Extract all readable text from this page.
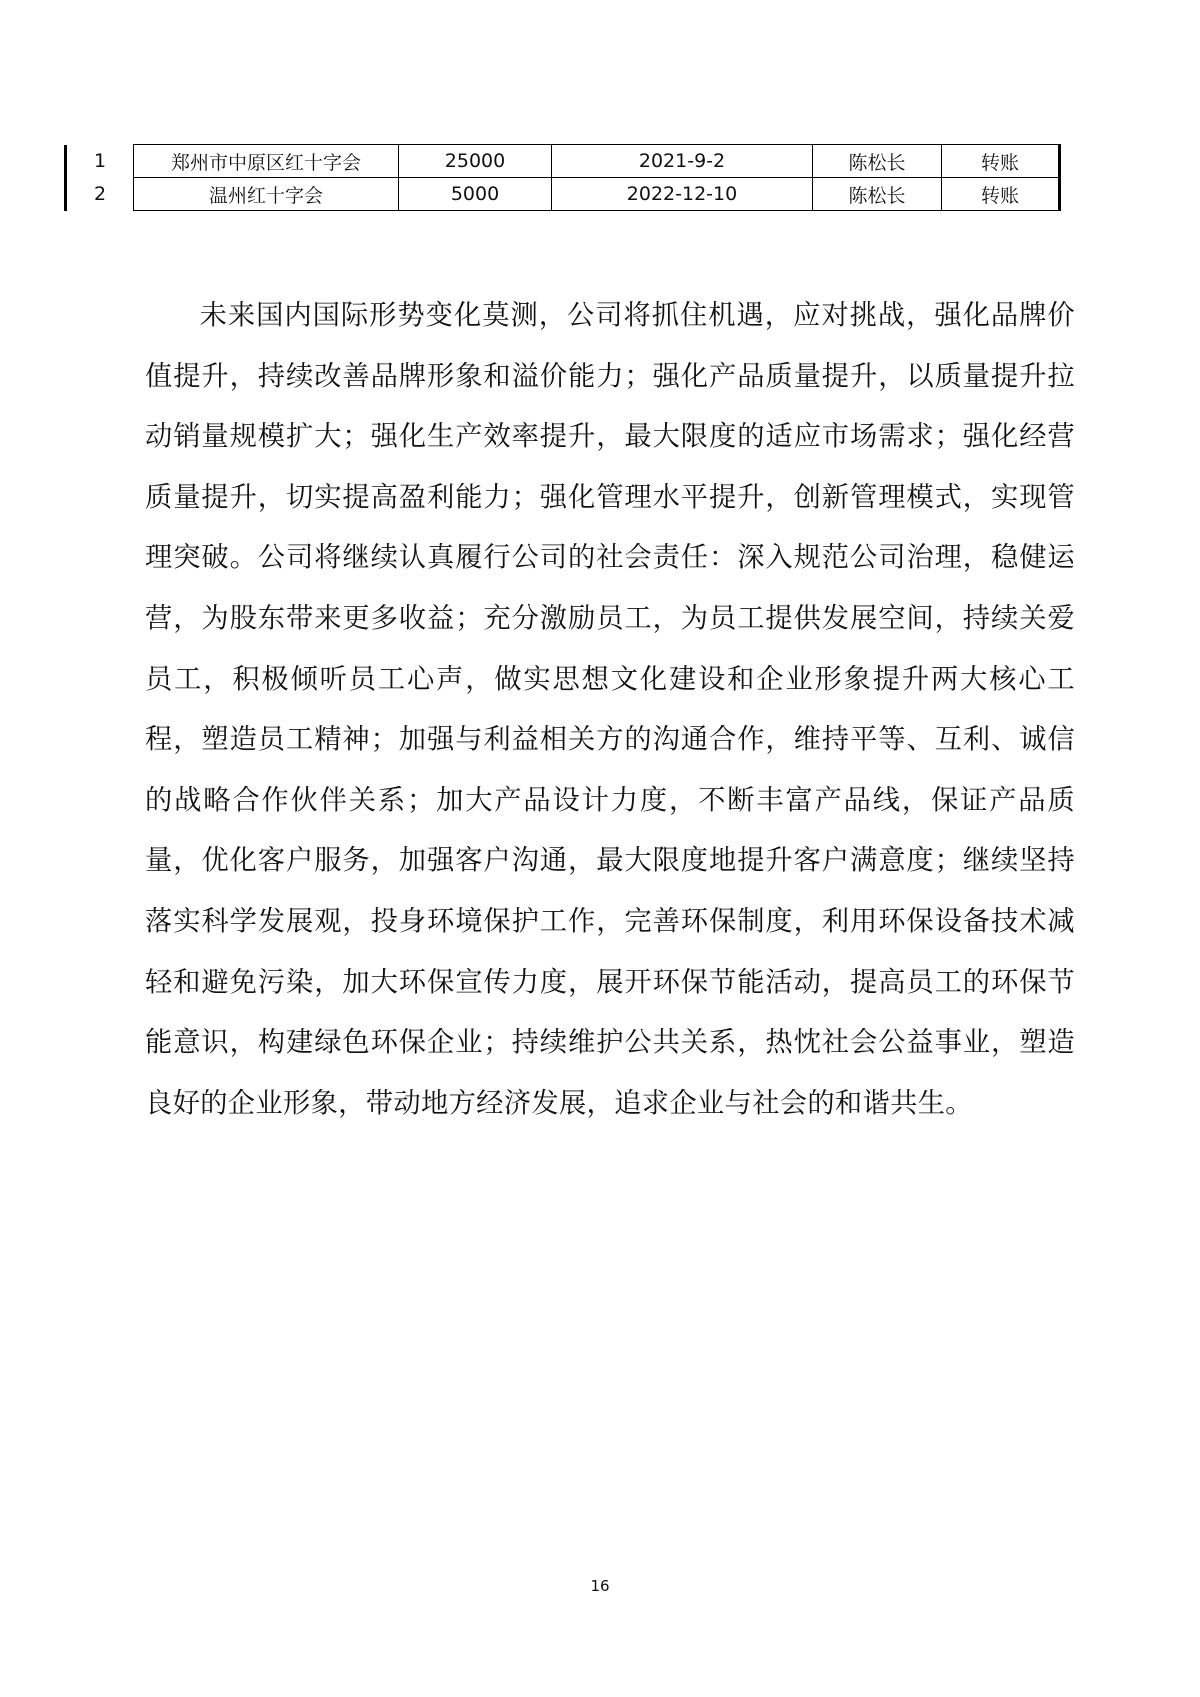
1	郑州市中原区红十字会	25000	2021-9-2	陈松长	转账
2	温州红十字会	5000	2022-12-10	陈松长	转账

未来国内国际形势变化莫测，公司将抓住机遇，应对挑战，强化品牌价值提升，持续改善品牌形象和溢价能力；强化产品质量提升，以质量提升拉动销量规模扩大；强化生产效率提升，最大限度的适应市场需求；强化经营质量提升，切实提高盈利能力；强化管理水平提升，创新管理模式，实现管理突破。公司将继续认真履行公司的社会责任：深入规范公司治理，稳健运营，为股东带来更多收益；充分激励员工，为员工提供发展空间，持续关爱员工，积极倾听员工心声，做实思想文化建设和企业形象提升两大核心工程，塑造员工精神；加强与利益相关方的沟通合作，维持平等、互利、诚信的战略合作伙伴关系；加大产品设计力度，不断丰富产品线，保证产品质量，优化客户服务，加强客户沟通，最大限度地提升客户满意度；继续坚持落实科学发展观，投身环境保护工作，完善环保制度，利用环保设备技术减轻和避免污染，加大环保宣传力度，展开环保节能活动，提高员工的环保节能意识，构建绿色环保企业；持续维护公共关系，热忱社会公益事业，塑造良好的企业形象，带动地方经济发展，追求企业与社会的和谐共生。

16
